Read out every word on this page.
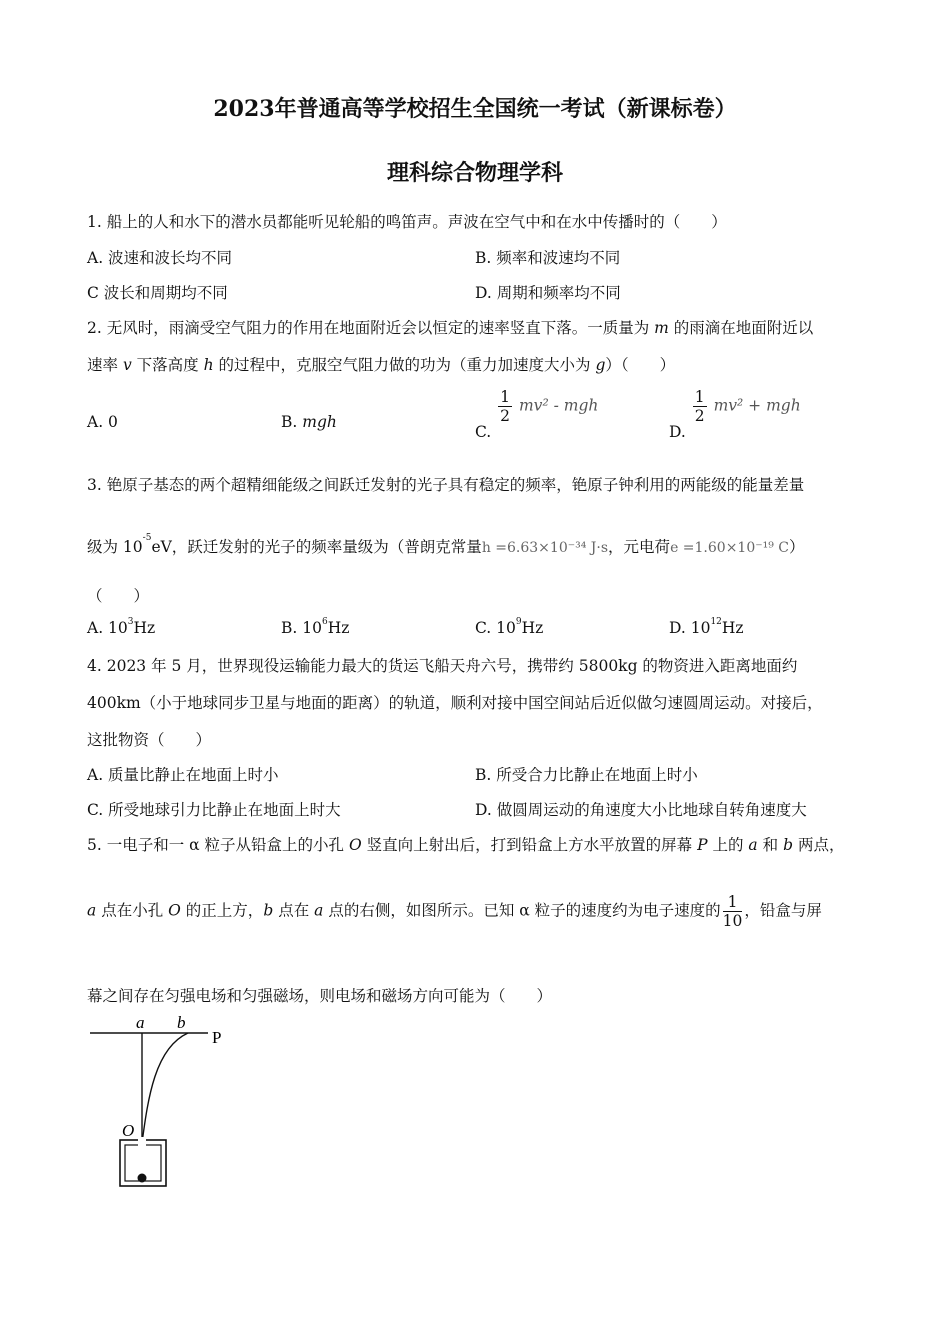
2023年普通高等学校招生全国统一考试（新课标卷）
理科综合物理学科
1. 船上的人和水下的潜水员都能听见轮船的鸣笛声。声波在空气中和在水中传播时的（　　）
A. 波速和波长均不同	B. 频率和波速均不同
C 波长和周期均不同	D. 周期和频率均不同
2. 无风时，雨滴受空气阻力的作用在地面附近会以恒定的速率竖直下落。一质量为 m 的雨滴在地面附近以
速率 v 下落高度 h 的过程中，克服空气阻力做的功为（重力加速度大小为 g）（　　）
A. 0	B. mgh
C.
$\frac{1}{2} mv^2$ - mgh
D.
$\frac{1}{2} mv^2$ + mgh
3. 铯原子基态的两个超精细能级之间跃迁发射的光子具有稳定的频率，铯原子钟利用的两能级的能量差量
级为 $10^{-5}eV$，跃迁发射的光子的频率量级为（普朗克常量h =6.63×10⁻³⁴ J·s，元电荷e =1.60×10⁻¹⁹ C）
（　　）
A. $10^3Hz$	B. $10^6Hz$	C. $10^9Hz$	D. $10^{12}Hz$
4. 2023 年 5 月，世界现役运输能力最大的货运飞船天舟六号，携带约 5800kg 的物资进入距离地面约
400km（小于地球同步卫星与地面的距离）的轨道，顺利对接中国空间站后近似做匀速圆周运动。对接后，
这批物资（　　）
A. 质量比静止在地面上时小	B. 所受合力比静止在地面上时小
C. 所受地球引力比静止在地面上时大	D. 做圆周运动的角速度大小比地球自转角速度大
5. 一电子和一 α 粒子从铅盒上的小孔 O 竖直向上射出后，打到铅盒上方水平放置的屏幕 P 上的 a 和 b 两点，
a 点在小孔 O 的正上方，b 点在 a 点的右侧，如图所示。已知 α 粒子的速度约为电子速度的 $\frac{1}{10}$ ，铅盒与屏
幕之间存在匀强电场和匀强磁场，则电场和磁场方向可能为（　　）
a b
P
O
